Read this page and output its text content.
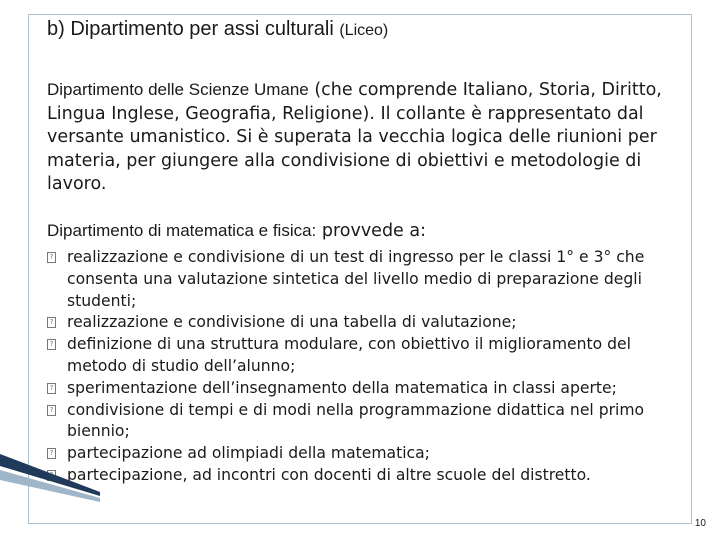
b) Dipartimento per assi culturali (Liceo)

Dipartimento delle Scienze Umane (che comprende Italiano, Storia, Diritto, Lingua Inglese, Geografia, Religione). Il collante è rappresentato dal versante umanistico. Si è superata la vecchia logica delle riunioni per materia, per giungere alla condivisione di obiettivi e metodologie di lavoro.

Dipartimento di matematica e fisica: provvede a:

? realizzazione e condivisione di un test di ingresso per le classi 1° e 3° che consenta una valutazione sintetica del livello medio di preparazione degli studenti;
? realizzazione e condivisione di una tabella di valutazione;
? definizione di una struttura modulare, con obiettivo il miglioramento del metodo di studio dell’alunno;
? sperimentazione dell’insegnamento della matematica in classi aperte;
? condivisione di tempi e di modi nella programmazione didattica nel primo biennio;
? partecipazione ad olimpiadi della matematica;
partecipazione, ad incontri con docenti di altre scuole del distretto.
10
